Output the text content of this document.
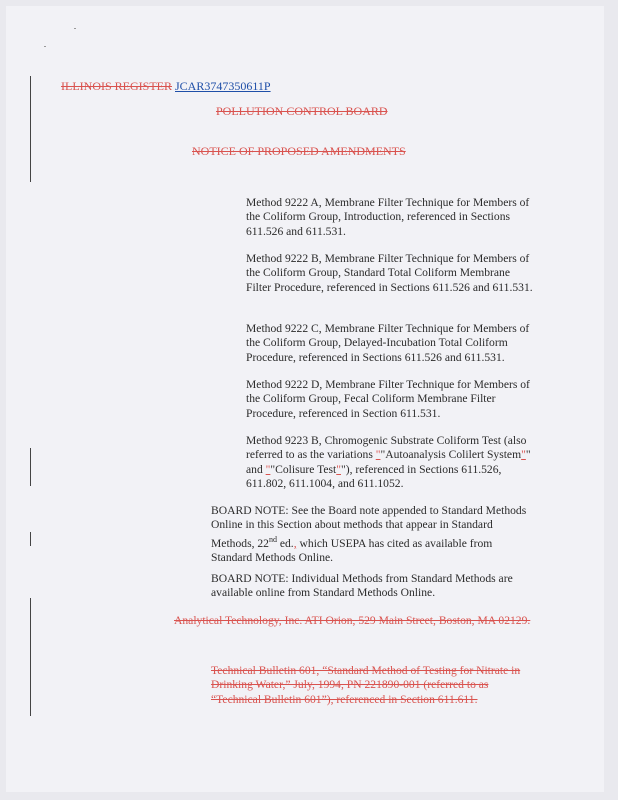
ILLINOIS REGISTER JCAR3747350611P
POLLUTION CONTROL BOARD
NOTICE OF PROPOSED AMENDMENTS
Method 9222 A, Membrane Filter Technique for Members of the Coliform Group, Introduction, referenced in Sections 611.526 and 611.531.
Method 9222 B, Membrane Filter Technique for Members of the Coliform Group, Standard Total Coliform Membrane Filter Procedure, referenced in Sections 611.526 and 611.531.
Method 9222 C, Membrane Filter Technique for Members of the Coliform Group, Delayed-Incubation Total Coliform Procedure, referenced in Sections 611.526 and 611.531.
Method 9222 D, Membrane Filter Technique for Members of the Coliform Group, Fecal Coliform Membrane Filter Procedure, referenced in Section 611.531.
Method 9223 B, Chromogenic Substrate Coliform Test (also referred to as the variations ""Autoanalysis Colilert System"" and ""Colisure Test""), referenced in Sections 611.526, 611.802, 611.1004, and 611.1052.
BOARD NOTE: See the Board note appended to Standard Methods Online in this Section about methods that appear in Standard Methods, 22nd ed., which USEPA has cited as available from Standard Methods Online.
BOARD NOTE: Individual Methods from Standard Methods are available online from Standard Methods Online.
Analytical Technology, Inc. ATI Orion, 529 Main Street, Boston, MA 02129.
Technical Bulletin 601, “Standard Method of Testing for Nitrate in Drinking Water,” July, 1994, PN 221890-001 (referred to as “Technical Bulletin 601”), referenced in Section 611.611.
